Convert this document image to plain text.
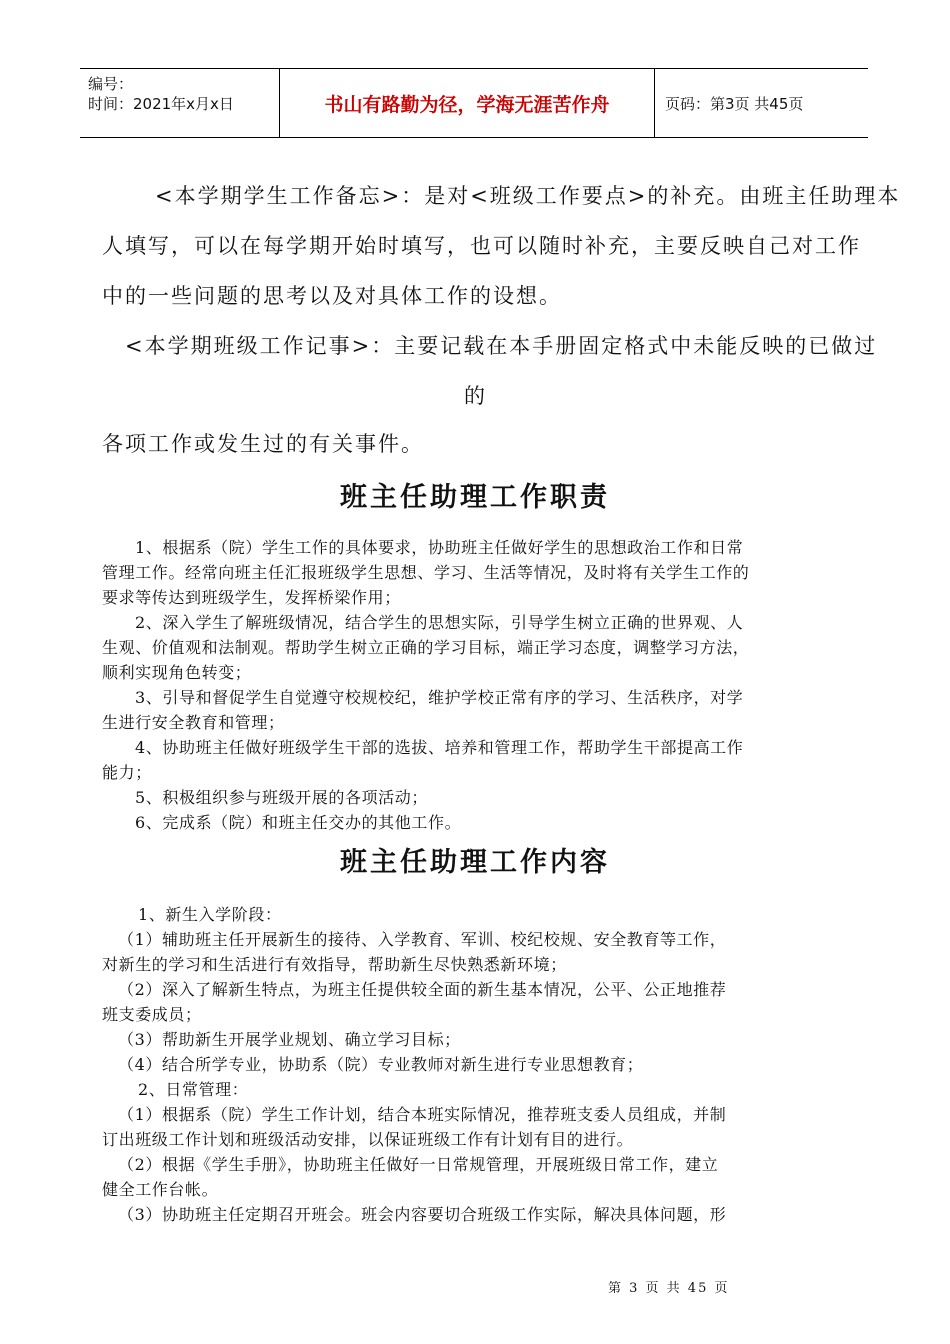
编号：
时间：2021年x月x日	书山有路勤为径，学海无涯苦作舟	页码：第3页 共45页
<本学期学生工作备忘>：是对<班级工作要点>的补充。由班主任助理本
人填写，可以在每学期开始时填写，也可以随时补充，主要反映自己对工作
中的一些问题的思考以及对具体工作的设想。
<本学期班级工作记事>：主要记载在本手册固定格式中未能反映的已做过
的
各项工作或发生过的有关事件。
班主任助理工作职责
1、根据系（院）学生工作的具体要求，协助班主任做好学生的思想政治工作和日常
管理工作。经常向班主任汇报班级学生思想、学习、生活等情况，及时将有关学生工作的
要求等传达到班级学生，发挥桥梁作用；
2、深入学生了解班级情况，结合学生的思想实际，引导学生树立正确的世界观、人
生观、价值观和法制观。帮助学生树立正确的学习目标，端正学习态度，调整学习方法，
顺利实现角色转变；
3、引导和督促学生自觉遵守校规校纪，维护学校正常有序的学习、生活秩序，对学
生进行安全教育和管理；
4、协助班主任做好班级学生干部的选拔、培养和管理工作，帮助学生干部提高工作
能力；
5、积极组织参与班级开展的各项活动；
6、完成系（院）和班主任交办的其他工作。
班主任助理工作内容
1、新生入学阶段：
（1）辅助班主任开展新生的接待、入学教育、军训、校纪校规、安全教育等工作，
对新生的学习和生活进行有效指导，帮助新生尽快熟悉新环境；
（2）深入了解新生特点，为班主任提供较全面的新生基本情况，公平、公正地推荐
班支委成员；
（3）帮助新生开展学业规划、确立学习目标；
（4）结合所学专业，协助系（院）专业教师对新生进行专业思想教育；
2、日常管理：
（1）根据系（院）学生工作计划，结合本班实际情况，推荐班支委人员组成，并制
订出班级工作计划和班级活动安排，以保证班级工作有计划有目的进行。
（2）根据《学生手册》，协助班主任做好一日常规管理，开展班级日常工作，建立
健全工作台帐。
（3）协助班主任定期召开班会。班会内容要切合班级工作实际，解决具体问题，形
第 3 页 共 45 页
